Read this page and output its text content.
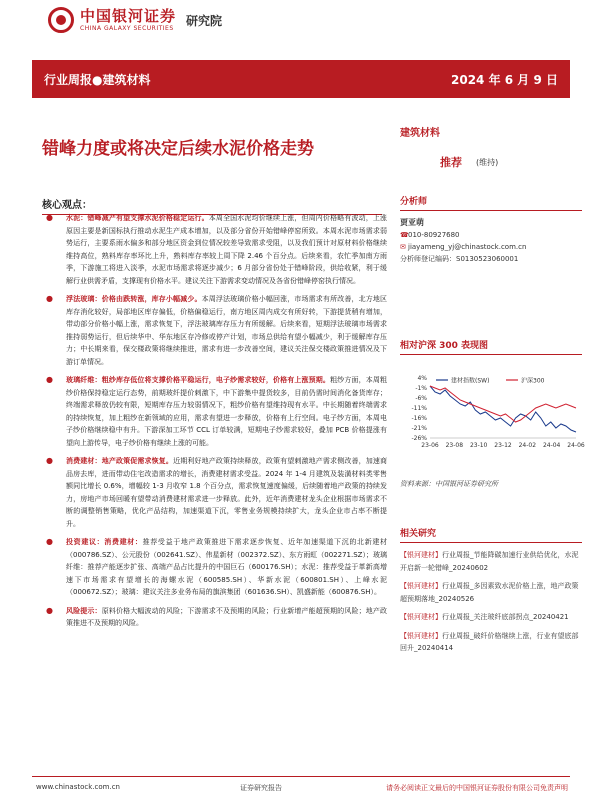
中国银河证券
CHINA GALAXY SECURITIES
研究院
行业周报●建筑材料	2024 年 6 月 9 日
错峰力度或将决定后续水泥价格走势
建筑材料
推荐 (维持)
分析师
贾亚萌
☎010-80927680
✉ jiayameng_yj@chinastock.com.cn
分析师登记编码：S0130523060001
相对沪深 300 表现图
4%
-1%
-6%
-11%
-16%
-21%
-26%
23-06 23-08 23-10 23-12 24-02 24-04 24-06
建材指数(SW)	沪深300
资料来源：中国银河证券研究所
相关研究
【银河建材】行业周报_节能降碳加速行业供给优化，水泥开启新一轮错峰_20240602
【银河建材】行业周报_多因素致水泥价格上涨，地产政策超预期落地_20240526
【银河建材】行业周报_关注玻纤底部拐点_20240421
【银河建材】行业周报_破纤价格继续上涨，行业有望底部回升_20240414
核心观点：
● 水泥：错峰减产有望支撑水泥价格稳定运行。本周全国水泥均价继续上涨，但周内价格略有波动，上涨原因主要是新国标执行推动水泥生产成本增加，以及部分省份开始错峰停窑所致。本周水泥市场需求弱势运行，主要系雨水偏多和部分地区资金到位情况较差导致需求受阻，以及我们预计对原材料价格继续维持高位，熟料库存率环比上升，熟料库存率较上周下降 2.46 个百分点。后续来看，农忙季加南方雨季，下游施工将进入淡季，水泥市场需求将逐步减少；6 月部分省份处于错峰阶段，供给收紧，利于缓解行业供需矛盾，支撑现有价格水平。建议关注下游需求变动情况及各省份错峰停窑执行情况。
● 浮法玻璃：价格由跌转涨，库存小幅减少。本周浮法玻璃价格小幅回涨，市场需求有所改善，北方地区库存消化较好，局部地区库存偏低，价格偏稳运行，南方地区周内成交有所好转，下游提货稍有增加，带动部分价格小幅上涨，需求恢复下，浮法玻璃库存压力有所缓解。后续来看，短期浮法玻璃市场需求推持弱势运行，但后续华中、华东地区存冷修或停产计划，市场总供给有望小幅减少，利于缓解库存压力；中长期来看，保交楼政策将继续推进，需求有进一步改善空间，建议关注保交楼政策推进情况及下游订单情况。
● 玻璃纤维：粗纱库存低位将支撑价格平稳运行，电子纱需求较好，价格有上涨预期。粗纱方面，本周粗纱价格保持稳定运行态势，前期玻纤提价刺激下，中下游集中提货较多，目前仍需时间消化备货库存；终端需求释放仍较有限，短期库存压力较弱情况下，粗纱价格有望维持现有水平。中长期随着终端需求的持续恢复，加上粗纱在新领域的应用，需求有望进一步释放，价格有上行空间。电子纱方面，本周电子纱价格继续稳中有升。下游深加工环节 CCL 订单较满，短期电子纱需求较好，叠加 PCB 价格提涨有望向上游传导，电子纱价格有继续上涨的可能。
● 消费建材：地产政策促需求恢复。近期利好地产政策持续释放，政策有望刺激地产需求侧改善，加速商品房去库，进而带动住宅改造需求的增长，消费建材需求受益。2024 年 1-4 月建筑及装潢材料类零售额同比增长 0.6%，增幅较 1-3 月收窄 1.8 个百分点，需求恢复速度偏缓，后续随着地产政策的持续发力，房地产市场回暖有望带动消费建材需求进一步释放。此外，近年消费建材龙头企业根据市场需求不断的调整销售策略，优化产品结构，加速渠道下沉，零售业务规模持续扩大，龙头企业市占率不断提升。
● 投资建议：消费建材：推荐受益于地产政策推进下需求逐步恢复、近年加速渠道下沉的北新建材（000786.SZ）、公元股份（002641.SZ）、伟星新材（002372.SZ）、东方雨虹（002271.SZ）；玻璃纤维：推荐产能逐步扩张、高端产品占比提升的中国巨石（600176.SH）；水泥：推荐受益于革新高增速下市场需求有望增长的海螺水泥（600585.SH）、华新水泥（600801.SH）、上峰水泥（000672.SZ）；玻璃：建议关注多业务布局的旗滨集团（601636.SH）、凯盛新能（600876.SH）。
● 风险提示：原料价格大幅波动的风险；下游需求不及预期的风险；行业新增产能超预期的风险；地产政策推进不及预期的风险。
www.chinastock.com.cn	证券研究报告	请务必阅读正文最后的中国银河证券股份有限公司免责声明
